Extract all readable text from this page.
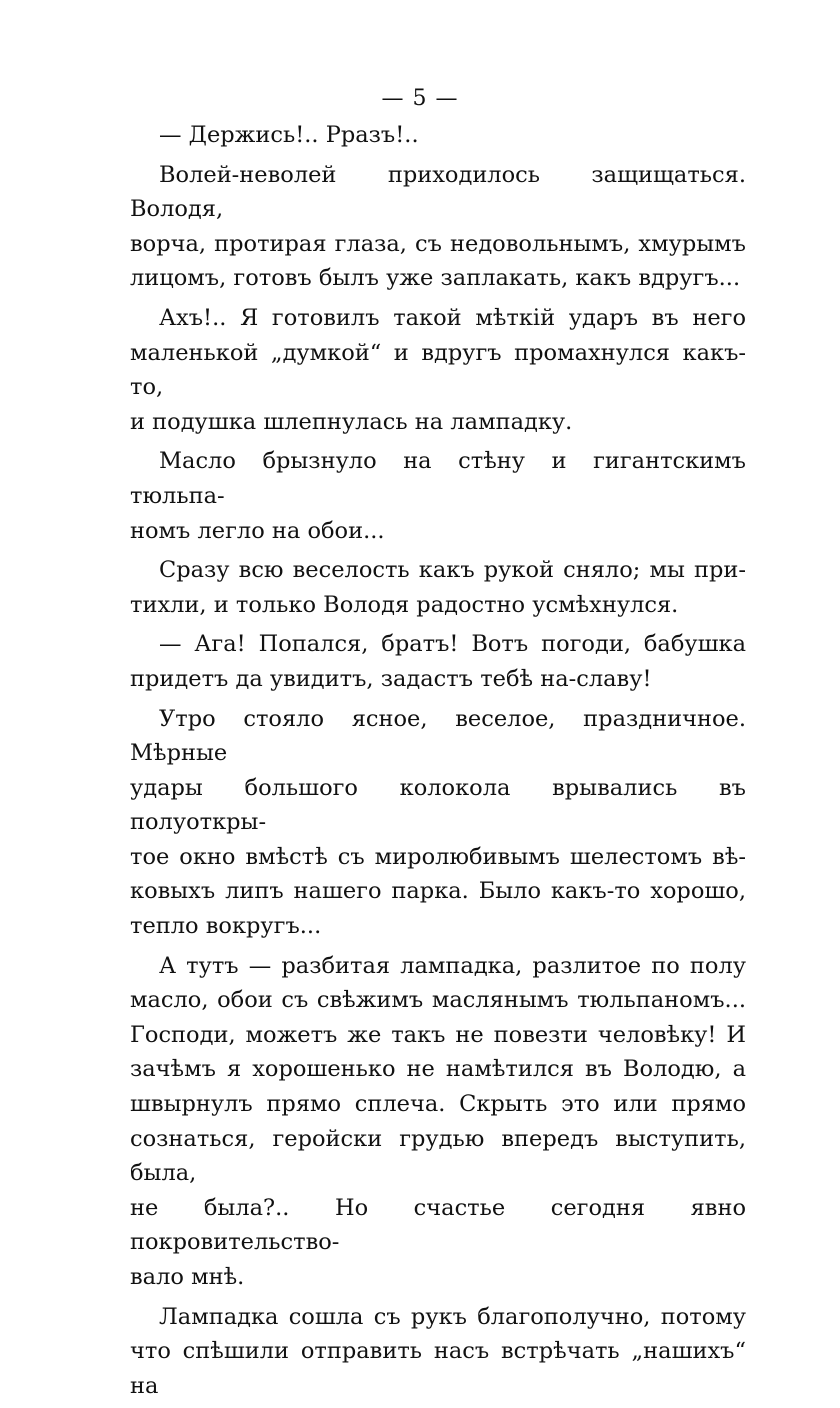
— 5 —
— Держись!.. Рразъ!..
Волей-неволей приходилось защищаться. Володя,
ворча, протирая глаза, съ недовольнымъ, хмурымъ
лицомъ, готовъ былъ уже заплакать, какъ вдругъ...
Ахъ!.. Я готовилъ такой мѣткій ударъ въ него
маленькой „думкой“ и вдругъ промахнулся какъ-то,
и подушка шлепнулась на лампадку.
Масло брызнуло на стѣну и гигантскимъ тюльпа-
номъ легло на обои...
Сразу всю веселость какъ рукой сняло; мы при-
тихли, и только Володя радостно усмѣхнулся.
— Ага! Попался, братъ! Вотъ погоди, бабушка
придетъ да увидитъ, задастъ тебѣ на-славу!
Утро стояло ясное, веселое, праздничное. Мѣрные
удары большого колокола врывались въ полуоткры-
тое окно вмѣстѣ съ миролюбивымъ шелестомъ вѣ-
ковыхъ липъ нашего парка. Было какъ-то хорошо,
тепло вокругъ...
А тутъ — разбитая лампадка, разлитое по полу
масло, обои съ свѣжимъ маслянымъ тюльпаномъ...
Господи, можетъ же такъ не повезти человѣку! И
зачѣмъ я хорошенько не намѣтился въ Володю, а
швырнулъ прямо сплеча. Скрыть это или прямо
сознаться, геройски грудью впередъ выступить, была,
не была?.. Но счастье сегодня явно покровительство-
вало мнѣ.
Лампадка сошла съ рукъ благополучно, потому
что спѣшили отправить насъ встрѣчать „нашихъ“ на
